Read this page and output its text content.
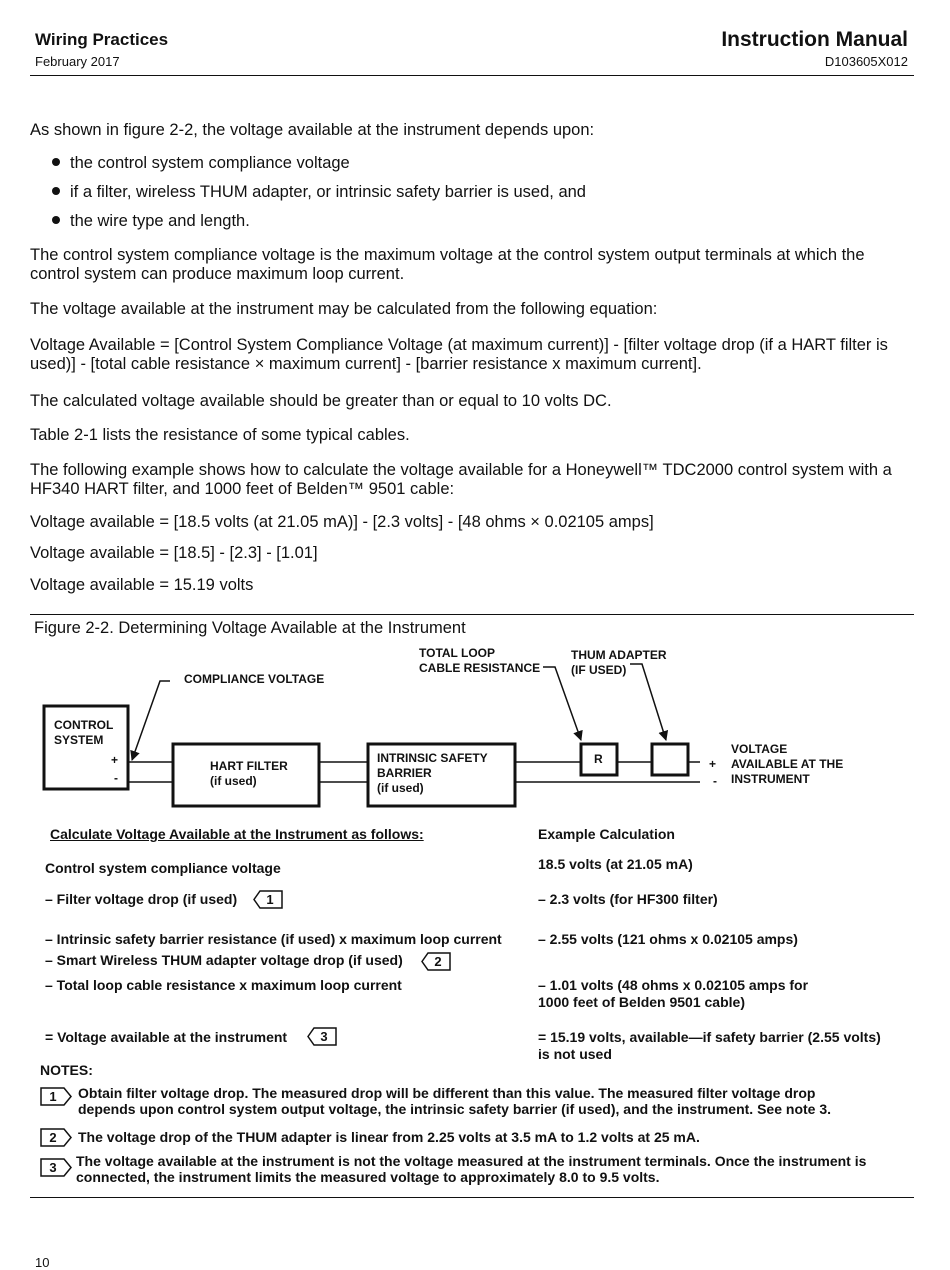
Wiring Practices
February 2017
Instruction Manual
D103605X012
As shown in figure 2-2, the voltage available at the instrument depends upon:
the control system compliance voltage
if a filter, wireless THUM adapter, or intrinsic safety barrier is used, and
the wire type and length.
The control system compliance voltage is the maximum voltage at the control system output terminals at which the
control system can produce maximum loop current.
The voltage available at the instrument may be calculated from the following equation:
Voltage Available = [Control System Compliance Voltage (at maximum current)] - [filter voltage drop (if a HART filter is
used)] - [total cable resistance × maximum current] - [barrier resistance x maximum current].
The calculated voltage available should be greater than or equal to 10 volts DC.
Table 2-1 lists the resistance of some typical cables.
The following example shows how to calculate the voltage available for a Honeywell™ TDC2000 control system with a
HF340 HART filter, and 1000 feet of Belden™ 9501 cable:
Voltage available = [18.5 volts (at 21.05 mA)] - [2.3 volts] - [48 ohms × 0.02105 amps]
Voltage available = [18.5] - [2.3] - [1.01]
Voltage available = 15.19 volts
Figure 2-2. Determining Voltage Available at the Instrument
CONTROL
SYSTEM
+
-
COMPLIANCE VOLTAGE
HART FILTER
(if used)
INTRINSIC SAFETY
BARRIER
(if used)
TOTAL LOOP
CABLE RESISTANCE
THUM ADAPTER
(IF USED)
R	+
-
VOLTAGE
AVAILABLE AT THE
INSTRUMENT
Calculate Voltage Available at the Instrument as follows:	Example Calculation
Control system compliance voltage	18.5 volts (at 21.05 mA)
– Filter voltage drop (if used) 1	– 2.3 volts (for HF300 filter)
– Intrinsic safety barrier resistance (if used) x maximum loop current	– 2.55 volts (121 ohms x 0.02105 amps)
– Smart Wireless THUM adapter voltage drop (if used) 2
– Total loop cable resistance x maximum loop current	– 1.01 volts (48 ohms x 0.02105 amps for
1000 feet of Belden 9501 cable)
= Voltage available at the instrument	3	= 15.19 volts, available—if safety barrier (2.55 volts)
is not used
NOTES:
1 Obtain filter voltage drop. The measured drop will be different than this value. The measured filter voltage drop
depends upon control system output voltage, the intrinsic safety barrier (if used), and the instrument. See note 3.
2 The voltage drop of the THUM adapter is linear from 2.25 volts at 3.5 mA to 1.2 volts at 25 mA.
3 The voltage available at the instrument is not the voltage measured at the instrument terminals. Once the instrument is
connected, the instrument limits the measured voltage to approximately 8.0 to 9.5 volts.
10
